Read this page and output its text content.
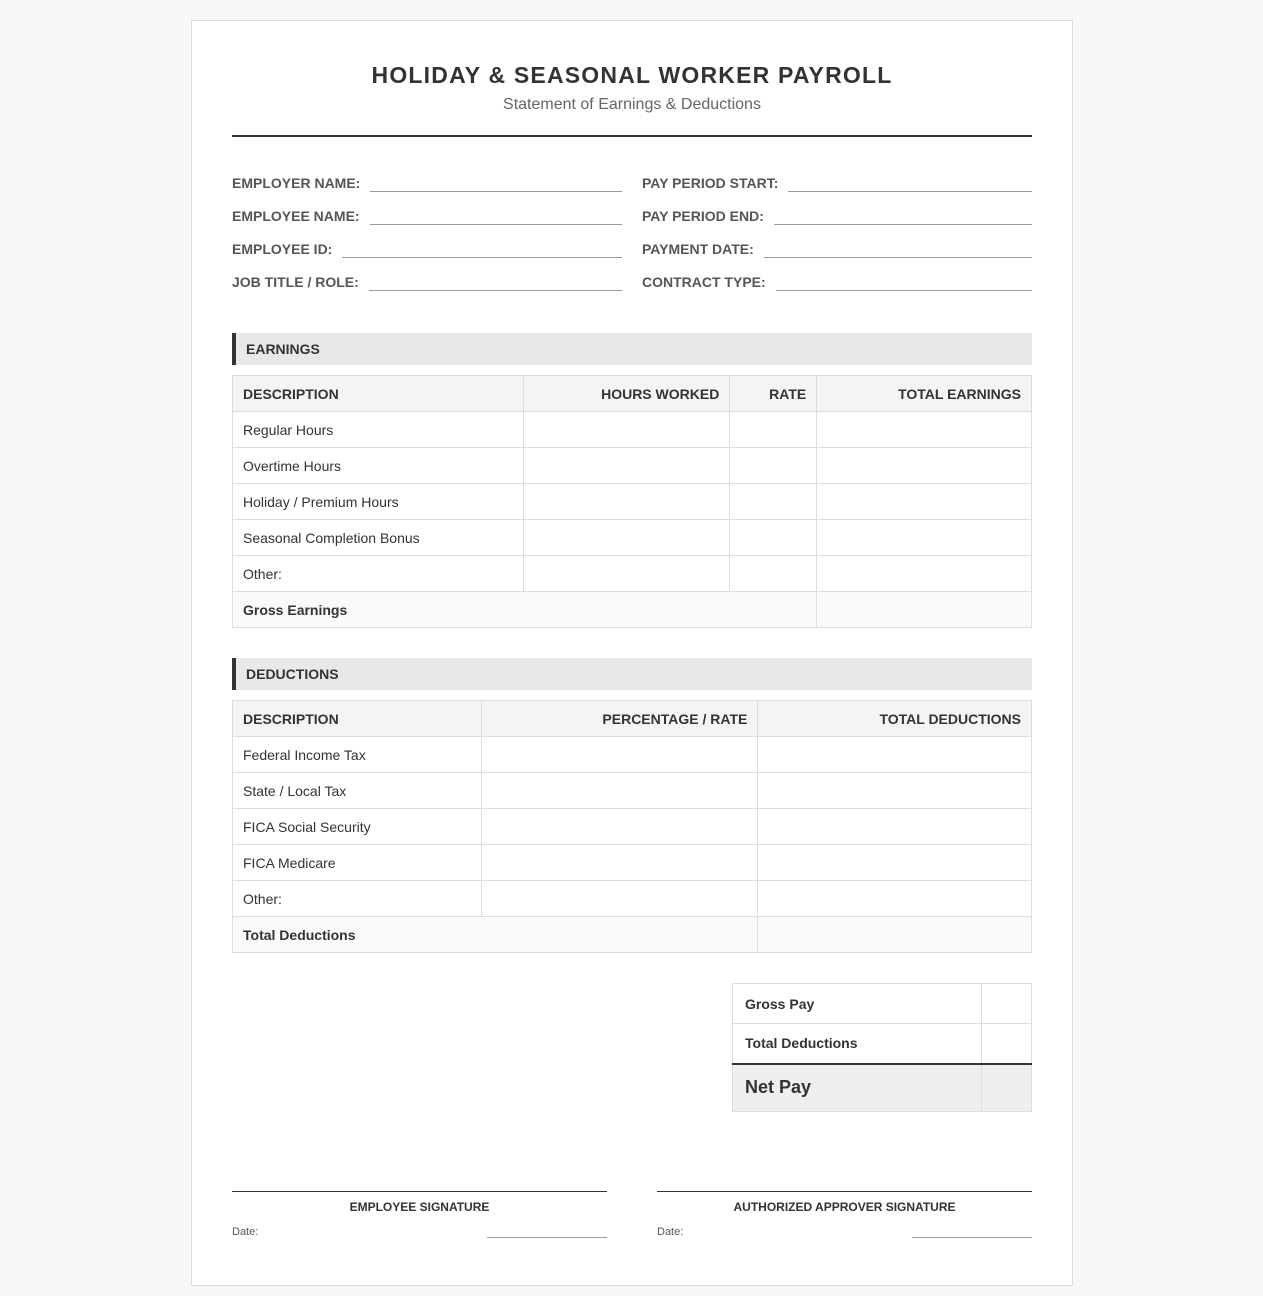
HOLIDAY & SEASONAL WORKER PAYROLL
Statement of Earnings & Deductions
EMPLOYER NAME:
EMPLOYEE NAME:
EMPLOYEE ID:
JOB TITLE / ROLE:
PAY PERIOD START:
PAY PERIOD END:
PAYMENT DATE:
CONTRACT TYPE:
EARNINGS
DESCRIPTION	HOURS WORKED	RATE	TOTAL EARNINGS
Regular Hours			
Overtime Hours			
Holiday / Premium Hours			
Seasonal Completion Bonus			
Other:			
Gross Earnings			
DEDUCTIONS
DESCRIPTION	PERCENTAGE / RATE	TOTAL DEDUCTIONS
Federal Income Tax		
State / Local Tax		
FICA Social Security		
FICA Medicare		
Other:		
Total Deductions		
Gross Pay	
Total Deductions	
Net Pay	
EMPLOYEE SIGNATURE
Date:
AUTHORIZED APPROVER SIGNATURE
Date:
